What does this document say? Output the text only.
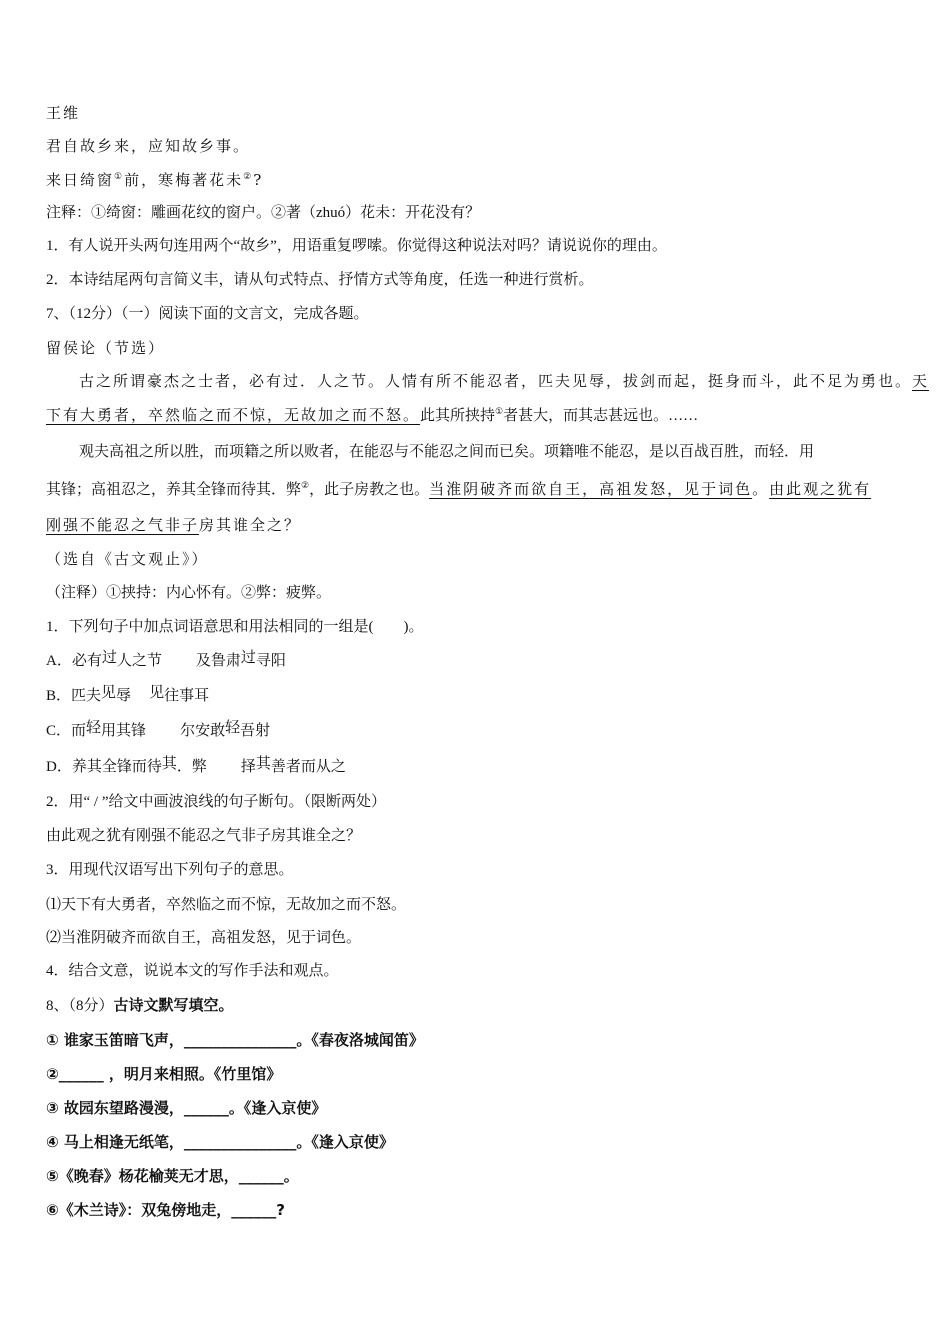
王维
君自故乡来，应知故乡事。
来日绮窗①前，寒梅著花未②?
注释：①绮窗：雕画花纹的窗户。②著（zhuó）花未：开花没有？
1．有人说开头两句连用两个“故乡”，用语重复啰嗦。你觉得这种说法对吗？请说说你的理由。
2．本诗结尾两句言简义丰，请从句式特点、抒情方式等角度，任选一种进行赏析。
7、（12分）（一）阅读下面的文言文，完成各题。
留侯论（节选）
古之所谓豪杰之士者，必有过．人之节。人情有所不能忍者，匹夫见辱，拔剑而起，挺身而斗，此不足为勇也。天
下有大勇者，卒然临之而不惊，无故加之而不怒。此其所挟持①者甚大，而其志甚远也。……
观夫高祖之所以胜，而项籍之所以败者，在能忍与不能忍之间而已矣。项籍唯不能忍，是以百战百胜，而轻．用
其锋；高祖忍之，养其全锋而待其．弊②，此子房教之也。当淮阴破齐而欲自王，高祖发怒，见于词色。由此观之犹有
刚强不能忍之气非子房其谁全之？
（选自《古文观止》）
（注释）①挟持：内心怀有。②弊：疲弊。
1．下列句子中加点词语意思和用法相同的一组是(　　)。
A．必有过人之节 及鲁肃过寻阳
B．匹夫见辱 见往事耳
C．而轻用其锋 尔安敢轻吾射
D．养其全锋而待其．弊 择其善者而从之
2．用“ / ”给文中画波浪线的句子断句。（限断两处）
由此观之犹有刚强不能忍之气非子房其谁全之？
3．用现代汉语写出下列句子的意思。
⑴天下有大勇者，卒然临之而不惊，无故加之而不怒。
⑵当淮阴破齐而欲自王，高祖发怒，见于词色。
4．结合文意，说说本文的写作手法和观点。
8、（8分）古诗文默写填空。
① 谁家玉笛暗飞声，_______________。《春夜洛城闻笛》
②______ ，明月来相照。《竹里馆》
③ 故园东望路漫漫，______。《逢入京使》
④ 马上相逢无纸笔，_______________。《逢入京使》
⑤《晚春》杨花榆荚无才思，______。
⑥《木兰诗》：双兔傍地走，______?
